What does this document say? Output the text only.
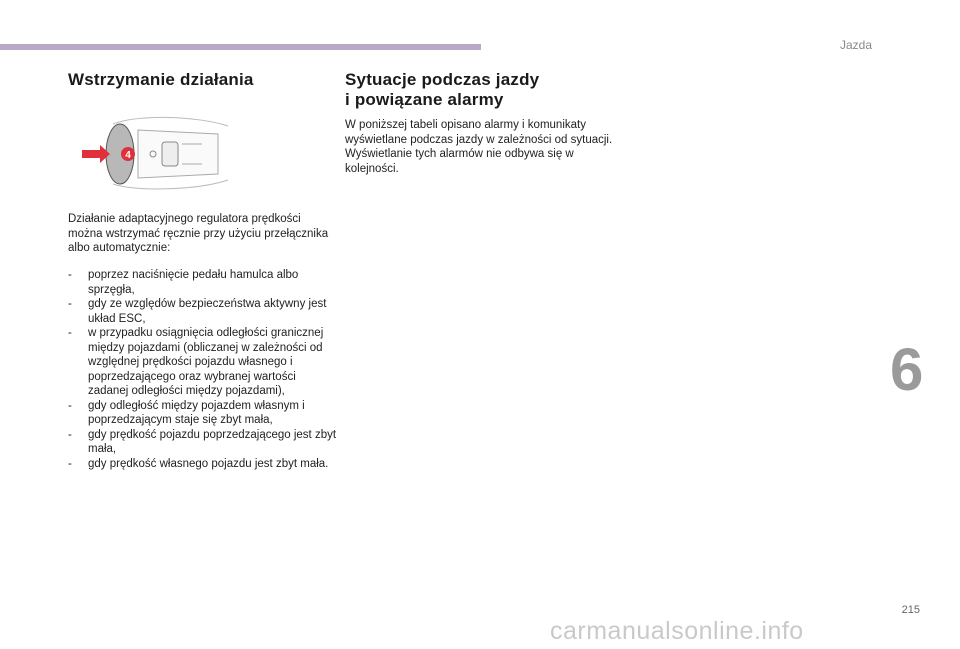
Jazda
Wstrzymanie działania
4
Działanie adaptacyjnego regulatora prędkości można wstrzymać ręcznie przy użyciu przełącznika albo automatycznie:
- poprzez naciśnięcie pedału hamulca albo sprzęgła,
- gdy ze względów bezpieczeństwa aktywny jest układ ESC,
- w przypadku osiągnięcia odległości granicznej między pojazdami (obliczanej w zależności od względnej prędkości pojazdu własnego i poprzedzającego oraz wybranej wartości zadanej odległości między pojazdami),
- gdy odległość między pojazdem własnym i poprzedzającym staje się zbyt mała,
- gdy prędkość pojazdu poprzedzającego jest zbyt mała,
- gdy prędkość własnego pojazdu jest zbyt mała.
Sytuacje podczas jazdy
i powiązane alarmy
W poniższej tabeli opisano alarmy i komunikaty wyświetlane podczas jazdy w zależności od sytuacji.
Wyświetlanie tych alarmów nie odbywa się w kolejności.
6
215
carmanualsonline.info
